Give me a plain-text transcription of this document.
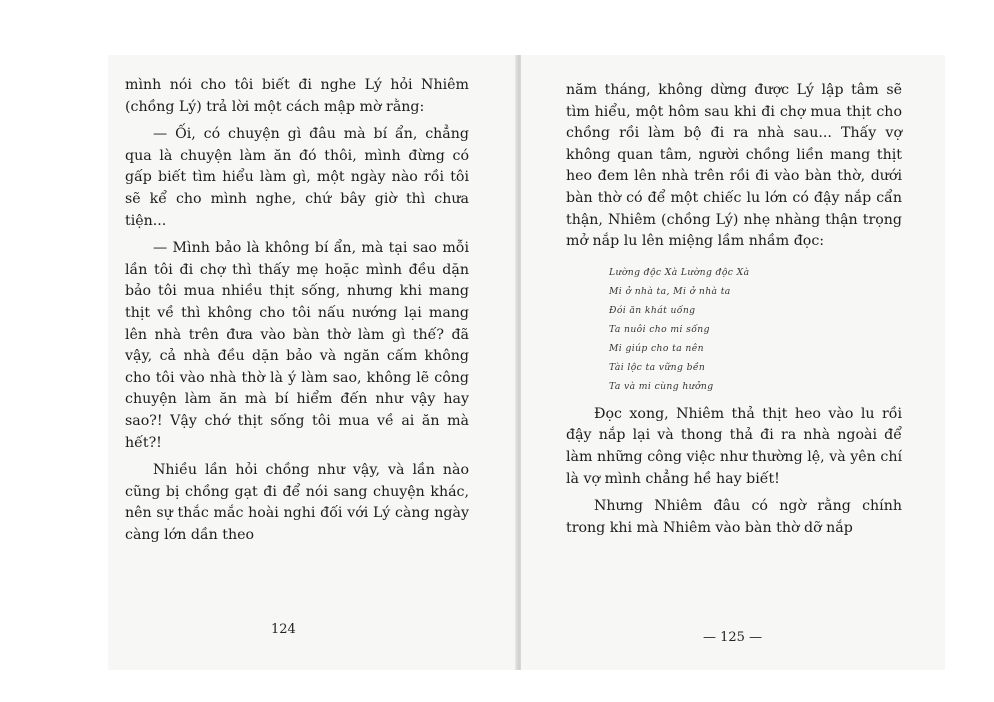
mình nói cho tôi biết đi nghe Lý hỏi Nhiêm (chồng Lý) trả lời một cách mập mờ rằng:

— Ối, có chuyện gì đâu mà bí ẩn, chẳng qua là chuyện làm ăn đó thôi, mình đừng có gấp biết tìm hiểu làm gì, một ngày nào rồi tôi sẽ kể cho mình nghe, chứ bây giờ thì chưa tiện...

— Mình bảo là không bí ẩn, mà tại sao mỗi lần tôi đi chợ thì thấy mẹ hoặc mình đều dặn bảo tôi mua nhiều thịt sống, nhưng khi mang thịt về thì không cho tôi nấu nướng lại mang lên nhà trên đưa vào bàn thờ làm gì thế? đã vậy, cả nhà đều dặn bảo và ngăn cấm không cho tôi vào nhà thờ là ý làm sao, không lẽ công chuyện làm ăn mà bí hiểm đến như vậy hay sao?! Vậy chớ thịt sống tôi mua về ai ăn mà hết?!

Nhiều lần hỏi chồng như vậy, và lần nào cũng bị chồng gạt đi để nói sang chuyện khác, nên sự thắc mắc hoài nghi đối với Lý càng ngày càng lớn dần theo

124

năm tháng, không dừng được Lý lập tâm sẽ tìm hiểu, một hôm sau khi đi chợ mua thịt cho chồng rồi làm bộ đi ra nhà sau... Thấy vợ không quan tâm, người chồng liền mang thịt heo đem lên nhà trên rồi đi vào bàn thờ, dưới bàn thờ có để một chiếc lu lớn có đậy nắp cẩn thận, Nhiêm (chồng Lý) nhẹ nhàng thận trọng mở nắp lu lên miệng lầm nhầm đọc:

Lường độc Xà Lường độc Xà
Mi ở nhà ta, Mi ở nhà ta
Đói ăn khát uống
Ta nuôi cho mi sống
Mi giúp cho ta nên
Tài lộc ta vững bền
Ta và mi cùng hưởng

Đọc xong, Nhiêm thả thịt heo vào lu rồi đậy nắp lại và thong thả đi ra nhà ngoài để làm những công việc như thường lệ, và yên chí là vợ mình chẳng hề hay biết!

Nhưng Nhiêm đâu có ngờ rằng chính trong khi mà Nhiêm vào bàn thờ dỡ nắp

— 125 —
